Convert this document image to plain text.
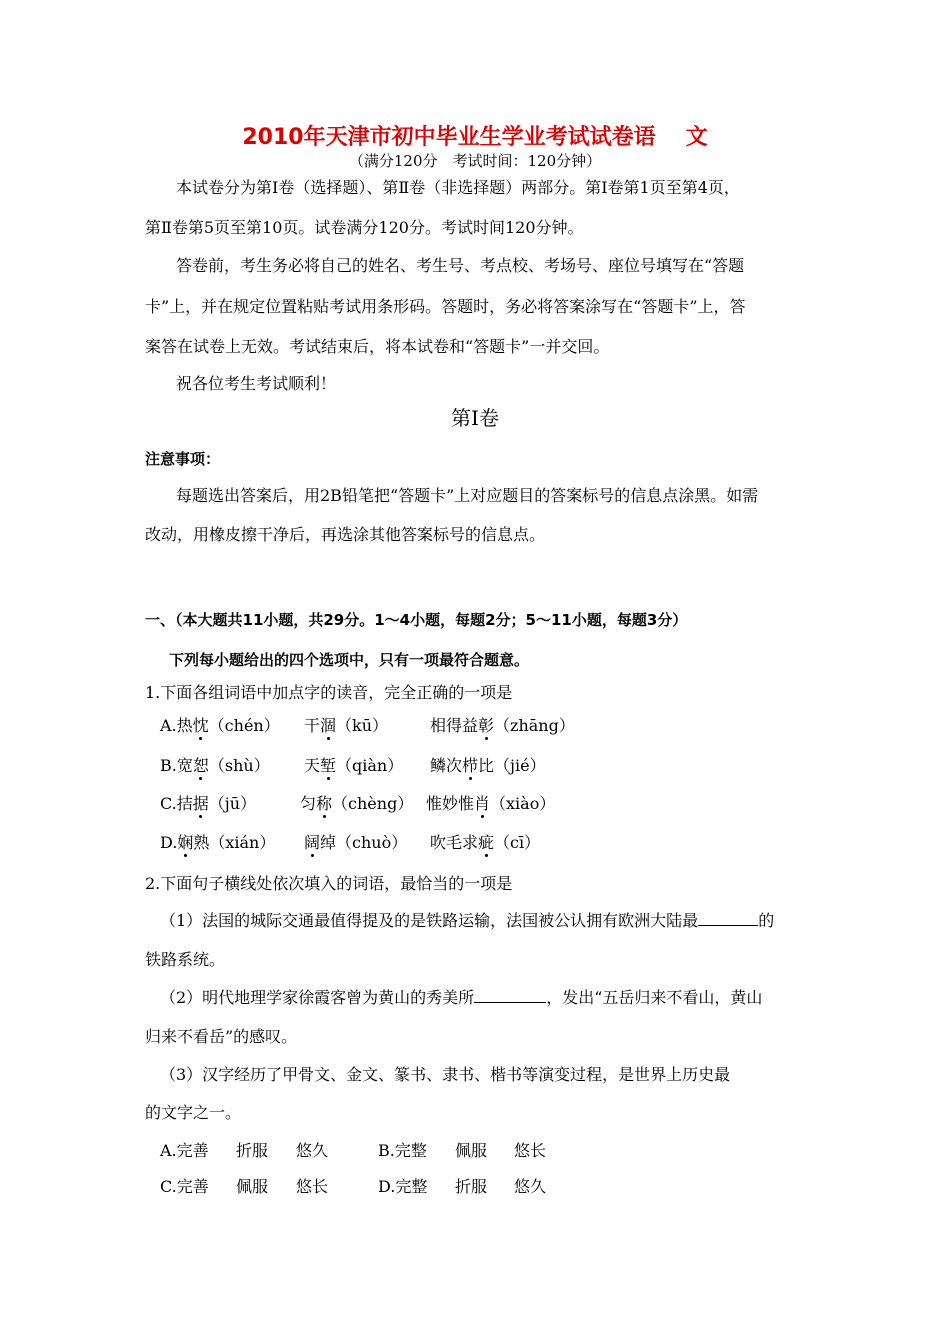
2010年天津市初中毕业生学业考试试卷语 文
（满分120分　考试时间：120分钟）
本试卷分为第Ⅰ卷（选择题）、第Ⅱ卷（非选择题）两部分。第Ⅰ卷第1页至第4页，
第Ⅱ卷第5页至第10页。试卷满分120分。考试时间120分钟。
答卷前，考生务必将自己的姓名、考生号、考点校、考场号、座位号填写在“答题
卡”上，并在规定位置粘贴考试用条形码。答题时，务必将答案涂写在“答题卡”上，答
案答在试卷上无效。考试结束后，将本试卷和“答题卡”一并交回。
祝各位考生考试顺利！
第Ⅰ卷
注意事项：
每题选出答案后，用2B铅笔把“答题卡”上对应题目的答案标号的信息点涂黑。如需
改动，用橡皮擦干净后，再选涂其他答案标号的信息点。
一、（本大题共11小题，共29分。1～4小题，每题2分；5～11小题，每题3分）
下列每小题给出的四个选项中，只有一项最符合题意。
1.下面各组词语中加点字的读音，完全正确的一项是
A.热忱（chén） 干涸（kū）	相得益彰（zhāng）
B.宽恕（shù） 天堑（qiàn） 鳞次栉比（jié）
C.拮据（jū）	匀称（chèng） 惟妙惟肖（xiào）
D.娴熟（xián） 阔绰（chuò） 吹毛求疵（cī）
2.下面句子横线处依次填入的词语，最恰当的一项是
（1）法国的城际交通最值得提及的是铁路运输，法国被公认拥有欧洲大陆最	的
铁路系统。
（2）明代地理学家徐霞客曾为黄山的秀美所	，发出“五岳归来不看山，黄山
归来不看岳”的感叹。
（3）汉字经历了甲骨文、金文、篆书、隶书、楷书等演变过程，是世界上历史最
的文字之一。
A.完善 折服 悠久	B.完整 佩服 悠长
C.完善 佩服 悠长	D.完整 折服 悠久
